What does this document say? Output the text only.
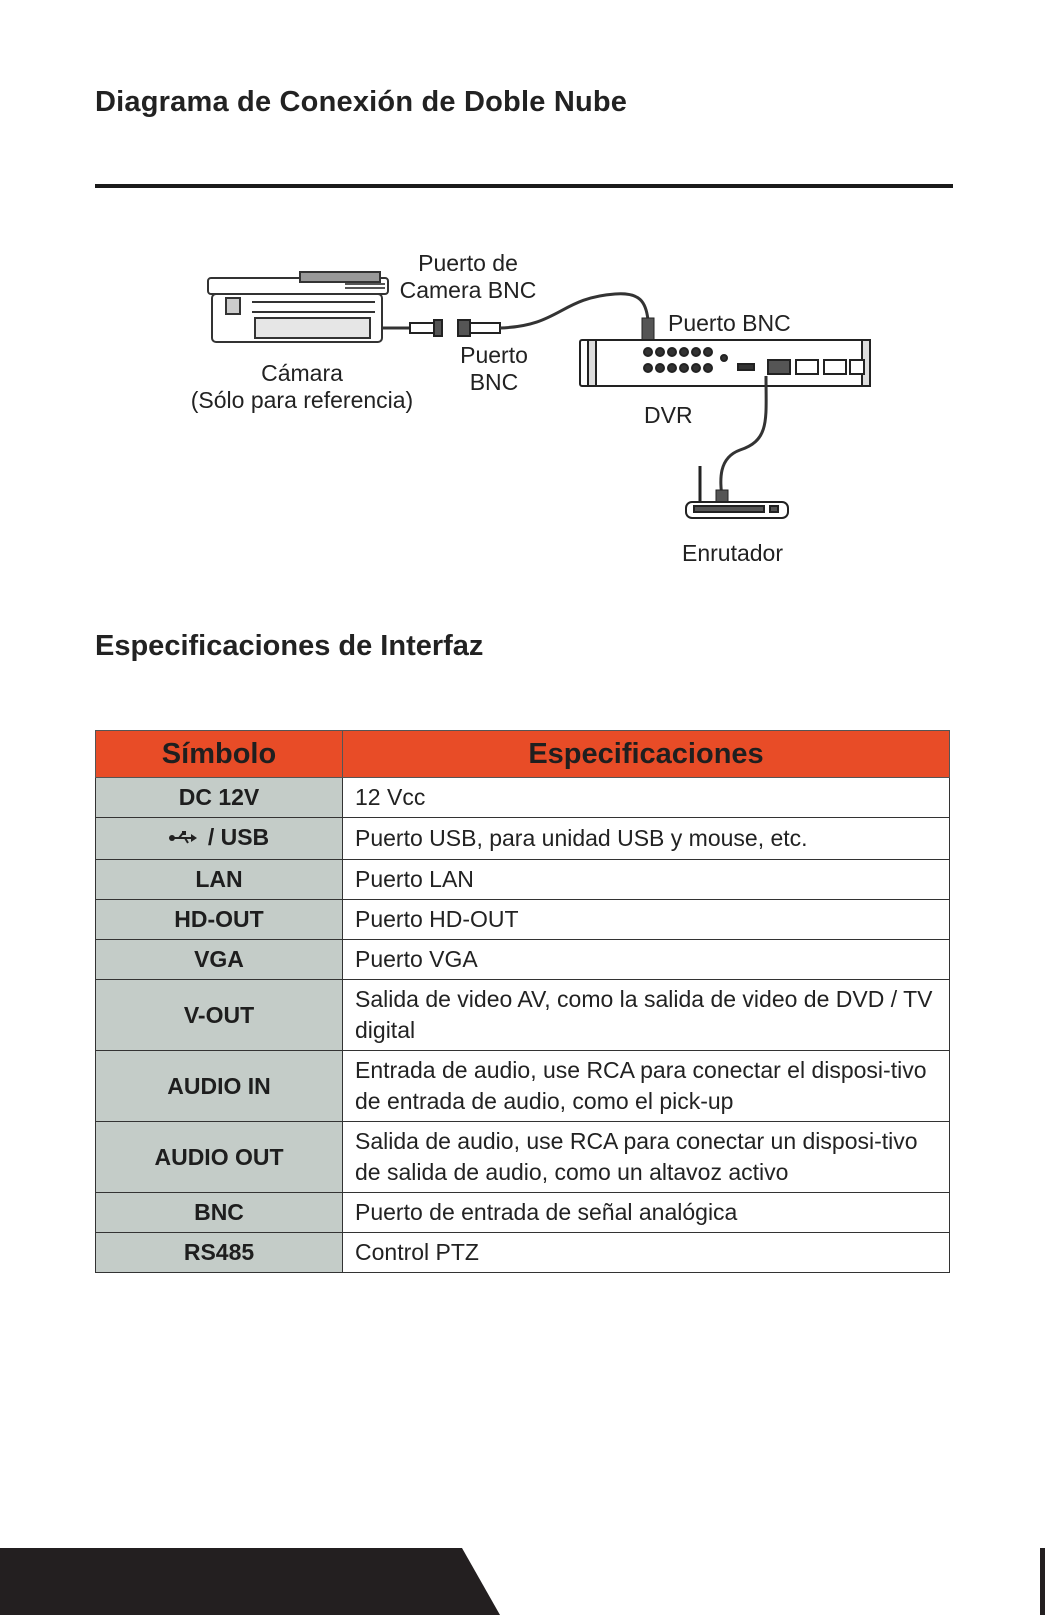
Diagrama de Conexión de Doble Nube
Puerto de
Camera BNC
Puerto BNC
Puerto
BNC
Cámara
(Sólo para referencia)
DVR
Enrutador
Especificaciones de Interfaz
Símbolo	Especificaciones
DC 12V	12 Vcc
/ USB	Puerto USB, para unidad USB y mouse, etc.
LAN	Puerto LAN
HD-OUT	Puerto HD-OUT
VGA	Puerto VGA
V-OUT	Salida de video AV, como la salida de video de DVD / TV digital
AUDIO IN	Entrada de audio, use RCA para conectar el disposi-tivo de entrada de audio, como el pick-up
AUDIO OUT	Salida de audio, use RCA para conectar un disposi-tivo de salida de audio, como un altavoz activo
BNC	Puerto de entrada de señal analógica
RS485	Control PTZ
